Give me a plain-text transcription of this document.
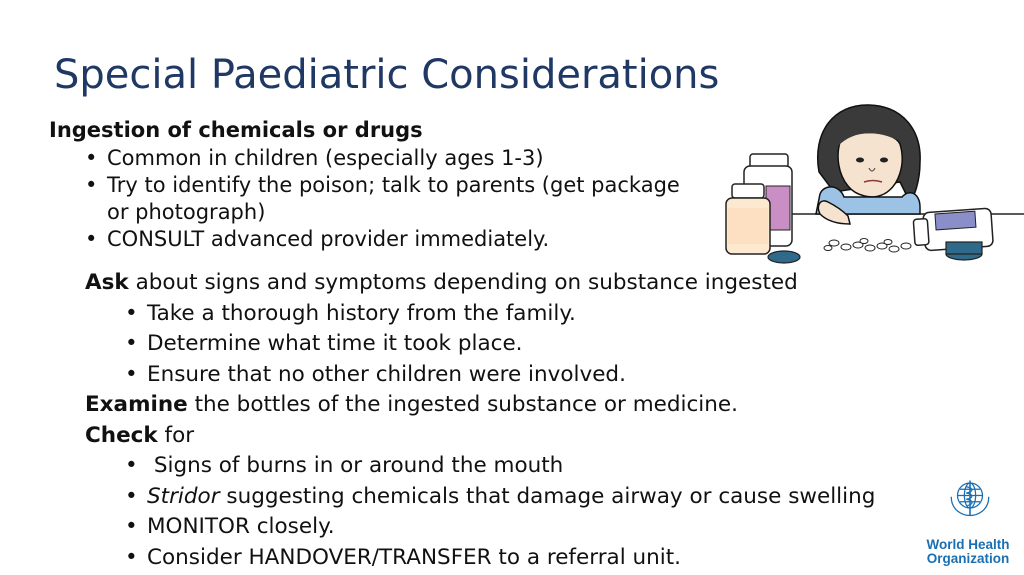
Special Paediatric Considerations
Ingestion of chemicals or drugs
• Common in children (especially ages 1-3)
• Try to identify the poison; talk to parents (get package
or photograph)
• CONSULT advanced provider immediately.
Ask about signs and symptoms depending on substance ingested
• Take a thorough history from the family.
• Determine what time it took place.
• Ensure that no other children were involved.
Examine the bottles of the ingested substance or medicine.
Check for
• Signs of burns in or around the mouth
• Stridor suggesting chemicals that damage airway or cause swelling
• MONITOR closely.
• Consider HANDOVER/TRANSFER to a referral unit.	World Health
Organization
